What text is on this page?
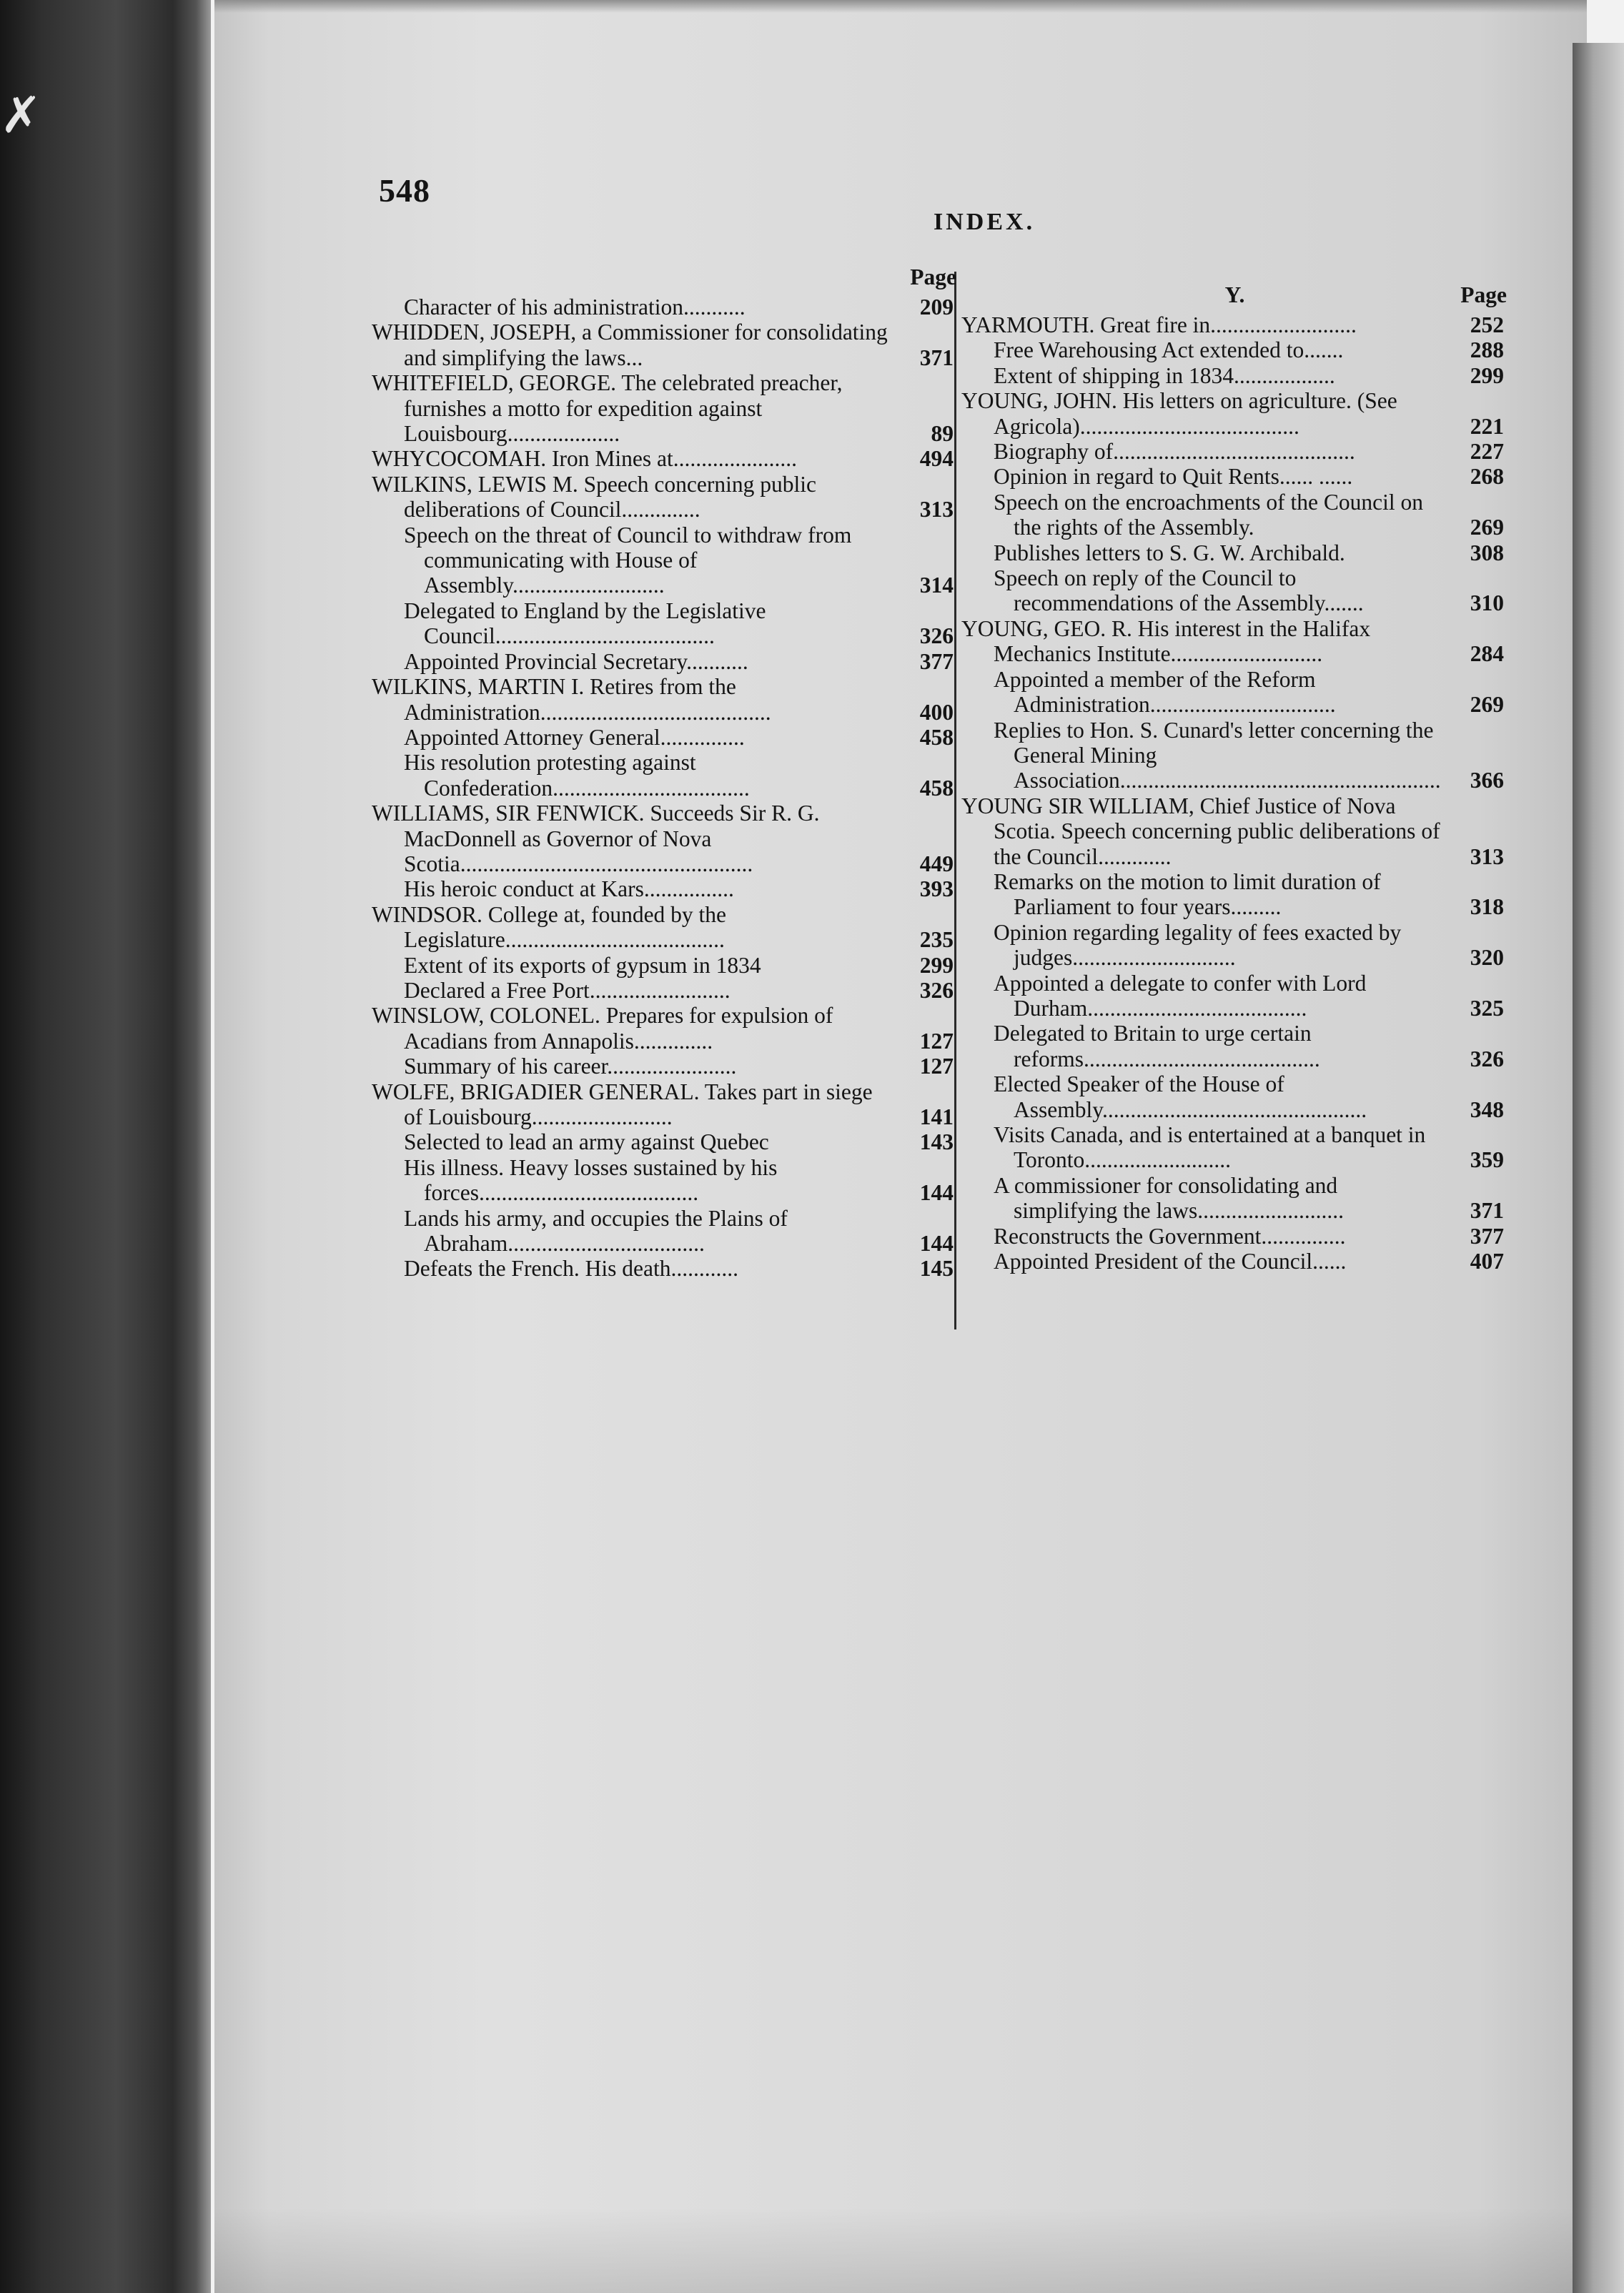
✗
548
INDEX.
Page
Character of his administration...........	209
WHIDDEN, JOSEPH, a Commissioner for consolidating and simplifying the laws...	371
WHITEFIELD, GEORGE. The celebrated preacher, furnishes a motto for expedition against Louisbourg....................	89
WHYCOCOMAH. Iron Mines at......................	494
WILKINS, LEWIS M. Speech concerning public deliberations of Council..............	313
Speech on the threat of Council to withdraw from communicating with House of Assembly...........................	314
Delegated to England by the Legislative Council.......................................	326
Appointed Provincial Secretary...........	377
WILKINS, MARTIN I. Retires from the Administration.........................................	400
Appointed Attorney General...............	458
His resolution protesting against Confederation...................................	458
WILLIAMS, SIR FENWICK. Succeeds Sir R. G. MacDonnell as Governor of Nova Scotia....................................................	449
His heroic conduct at Kars................	393
WINDSOR. College at, founded by the Legislature.......................................	235
Extent of its exports of gypsum in 1834	299
Declared a Free Port.........................	326
WINSLOW, COLONEL. Prepares for expulsion of Acadians from Annapolis..............	127
Summary of his career.......................	127
WOLFE, BRIGADIER GENERAL. Takes part in siege of Louisbourg.........................	141
Selected to lead an army against Quebec	143
His illness. Heavy losses sustained by his forces.......................................	144
Lands his army, and occupies the Plains of Abraham...................................	144
Defeats the French. His death............	145
Y.	Page
YARMOUTH. Great fire in..........................	252
Free Warehousing Act extended to.......	288
Extent of shipping in 1834..................	299
YOUNG, JOHN. His letters on agriculture. (See Agricola).......................................	221
Biography of...........................................	227
Opinion in regard to Quit Rents...... ......	268
Speech on the encroachments of the Council on the rights of the Assembly.	269
Publishes letters to S. G. W. Archibald.	308
Speech on reply of the Council to recommendations of the Assembly.......	310
YOUNG, GEO. R. His interest in the Halifax Mechanics Institute...........................	284
Appointed a member of the Reform Administration.................................	269
Replies to Hon. S. Cunard's letter concerning the General Mining Association......................................................... 366
YOUNG SIR WILLIAM, Chief Justice of Nova Scotia. Speech concerning public deliberations of the Council.............	313
Remarks on the motion to limit duration of Parliament to four years.........	318
Opinion regarding legality of fees exacted by judges.............................	320
Appointed a delegate to confer with Lord Durham.......................................	325
Delegated to Britain to urge certain reforms..........................................	326
Elected Speaker of the House of Assembly...............................................	348
Visits Canada, and is entertained at a banquet in Toronto..........................	359
A commissioner for consolidating and simplifying the laws..........................	371
Reconstructs the Government...............	377
Appointed President of the Council......	407
